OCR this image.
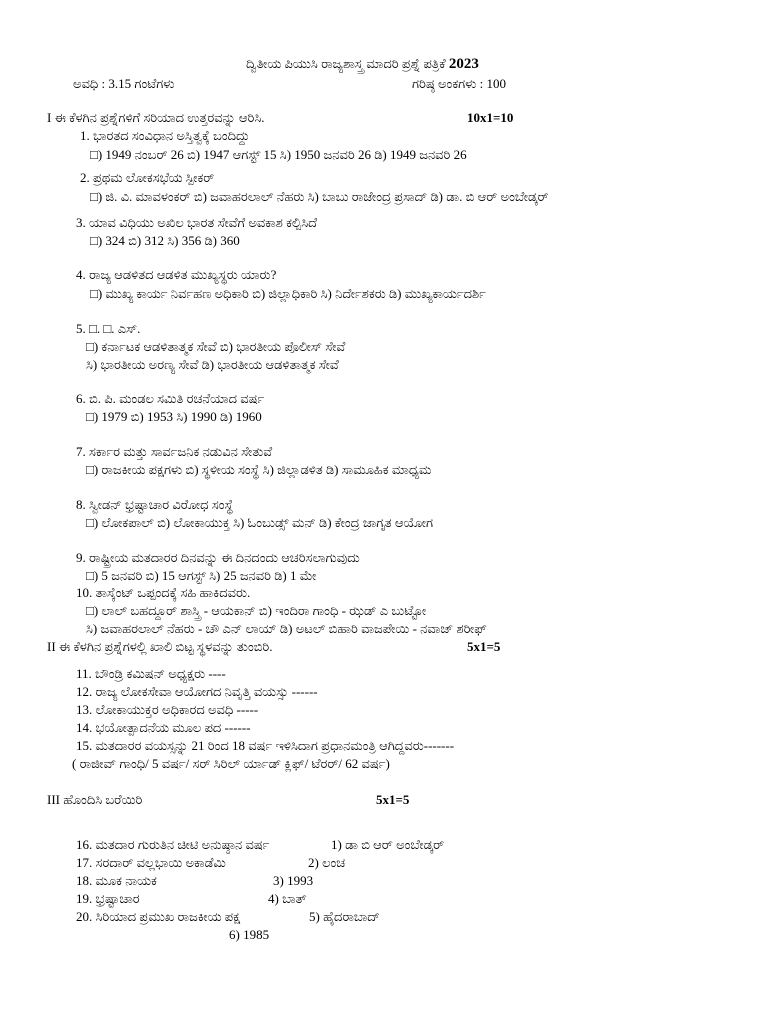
ದ್ವಿತೀಯ ಪಿಯುಸಿ ರಾಜ್ಯಶಾಸ್ತ್ರ ಮಾದರಿ ಪ್ರಶ್ನೆ ಪತ್ರಿಕೆ 2023
ಅವಧಿ : 3.15 ಗಂಟೆಗಳು	ಗರಿಷ್ಠ ಅಂಕಗಳು : 100
I ಈ ಕೆಳಗಿನ ಪ್ರಶ್ನೆಗಳಿಗೆ ಸರಿಯಾದ ಉತ್ತರವನ್ನು ಆರಿಸಿ.	10x1=10
1. ಭಾರತದ ಸಂವಿಧಾನ ಅಸ್ತಿತ್ವಕ್ಕೆ ಬಂದಿದ್ದು
□) 1949 ನಂಬರ್ 26 ಬಿ) 1947 ಆಗಸ್ಟ್ 15 ಸಿ) 1950 ಜನವರಿ 26 ಡಿ) 1949 ಜನವರಿ 26
2. ಪ್ರಥಮ ಲೋಕಸಭೆಯ ಸ್ಪೀಕರ್
□) ಜಿ. ವಿ. ಮಾವಳಂಕರ್ ಬಿ) ಜವಾಹರಲಾಲ್ ನೆಹರು ಸಿ) ಬಾಬು ರಾಜೇಂದ್ರ ಪ್ರಸಾದ್ ಡಿ) ಡಾ. ಬಿ ಆರ್ ಅಂಬೇಡ್ಕರ್
3. ಯಾವ ವಿಧಿಯು ಅಖಿಲ ಭಾರತ ಸೇವೆಗೆ ಅವಕಾಶ ಕಲ್ಪಿಸಿದೆ
□) 324 ಬಿ) 312 ಸಿ) 356 ಡಿ) 360
4. ರಾಜ್ಯ ಆಡಳಿತದ ಆಡಳಿತ ಮುಖ್ಯಸ್ಥರು ಯಾರು?
□) ಮುಖ್ಯ ಕಾರ್ಯ ನಿರ್ವಹಣ ಅಧಿಕಾರಿ ಬಿ) ಜಿಲ್ಲಾಧಿಕಾರಿ ಸಿ) ನಿರ್ದೇಶಕರು ಡಿ) ಮುಖ್ಯಕಾರ್ಯದರ್ಶಿ
5. □. □. ಎಸ್.
□) ಕರ್ನಾಟಕ ಆಡಳಿತಾತ್ಮಕ ಸೇವೆ ಬಿ) ಭಾರತೀಯ ಪೊಲೀಸ್ ಸೇವೆ
ಸಿ) ಭಾರತೀಯ ಅರಣ್ಯ ಸೇವೆ ಡಿ) ಭಾರತೀಯ ಆಡಳಿತಾತ್ಮಕ ಸೇವೆ
6. ಬಿ. ಪಿ. ಮಂಡಲ ಸಮಿತಿ ರಚನೆಯಾದ ವರ್ಷ
□) 1979 ಬಿ) 1953 ಸಿ) 1990 ಡಿ) 1960
7. ಸರ್ಕಾರ ಮತ್ತು ಸಾರ್ವಜನಿಕ ನಡುವಿನ ಸೇತುವೆ
□) ರಾಜಕೀಯ ಪಕ್ಷಗಳು ಬಿ) ಸ್ಥಳೀಯ ಸಂಸ್ಥೆ ಸಿ) ಜಿಲ್ಲಾಡಳಿತ ಡಿ) ಸಾಮೂಹಿಕ ಮಾಧ್ಯಮ
8. ಸ್ವೀಡನ್ ಭ್ರಷ್ಟಾಚಾರ ವಿರೋಧ ಸಂಸ್ಥೆ
□) ಲೋಕಪಾಲ್ ಬಿ) ಲೋಕಾಯುಕ್ತ ಸಿ) ಓಂಬುಡ್ಸ್ ಮನ್ ಡಿ) ಕೇಂದ್ರ ಜಾಗೃತ ಆಯೋಗ
9. ರಾಷ್ಟ್ರೀಯ ಮತದಾರರ ದಿನವನ್ನು ಈ ದಿನದಂದು ಆಚರಿಸಲಾಗುವುದು
□) 5 ಜನವರಿ ಬಿ) 15 ಆಗಸ್ಟ್ ಸಿ) 25 ಜನವರಿ ಡಿ) 1 ಮೇ
10. ತಾಸ್ಕೆಂಟ್ ಒಪ್ಪಂದಕ್ಕೆ ಸಹಿ ಹಾಕಿದವರು.
□) ಲಾಲ್ ಬಹದ್ದೂರ್ ಶಾಸ್ತ್ರಿ - ಆಯಕಾನ್ ಬಿ) ಇಂದಿರಾ ಗಾಂಧಿ - ಝಡ್ ಎ ಬುಟ್ಟೋ
ಸಿ) ಜವಾಹರಲಾಲ್ ನೆಹರು - ಚೌ ಎನ್ ಲಾಯ್ ಡಿ) ಅಟಲ್ ಬಿಹಾರಿ ವಾಜಪೇಯಿ - ನವಾಜ್ ಶರೀಫ್
II ಈ ಕೆಳಗಿನ ಪ್ರಶ್ನೆಗಳಲ್ಲಿ ಖಾಲಿ ಬಿಟ್ಟ ಸ್ಥಳವನ್ನು ತುಂಬಿರಿ.	5x1=5
11. ಬೌಂಡ್ರಿ ಕಮಿಷನ್ ಅಧ್ಯಕ್ಷರು ----
12. ರಾಜ್ಯ ಲೋಕಸೇವಾ ಆಯೋಗದ ನಿವೃತ್ತಿ ವಯಸ್ಸು ------
13. ಲೋಕಾಯುಕ್ತರ ಅಧಿಕಾರದ ಅವಧಿ -----
14. ಭಯೋತ್ಪಾದನೆಯ ಮೂಲ ಪದ ------
15. ಮತದಾರರ ವಯಸ್ಸನ್ನು 21 ರಿಂದ 18 ವರ್ಷ ಇಳಿಸಿದಾಗ ಪ್ರಧಾನಮಂತ್ರಿ ಆಗಿದ್ದವರು-------
( ರಾಜೀವ್ ಗಾಂಧಿ/ 5 ವರ್ಷ/ ಸರ್ ಸಿರಿಲ್ ರ್ಯಾಡ್ ಕ್ಲಿಫ್/ ಟೆರರ್/ 62 ವರ್ಷ)
III ಹೊಂದಿಸಿ ಬರೆಯಿರಿ	5x1=5
16. ಮತದಾರ ಗುರುತಿನ ಚೀಟಿ ಅನುಷ್ಠಾನ ವರ್ಷ	1) ಡಾ ಬಿ ಆರ್ ಅಂಬೇಡ್ಕರ್
17. ಸರದಾರ್ ವಲ್ಲಭಾಯಿ ಅಕಾಡೆಮಿ	2) ಲಂಚ
18. ಮೂಕ ನಾಯಕ	3) 1993
19. ಭ್ರಷ್ಟಾಚಾರ	4) ಬಾತ್
20. ಸಿರಿಯಾದ ಪ್ರಮುಖ ರಾಜಕೀಯ ಪಕ್ಷ	5) ಹೈದರಾಬಾದ್
6) 1985
